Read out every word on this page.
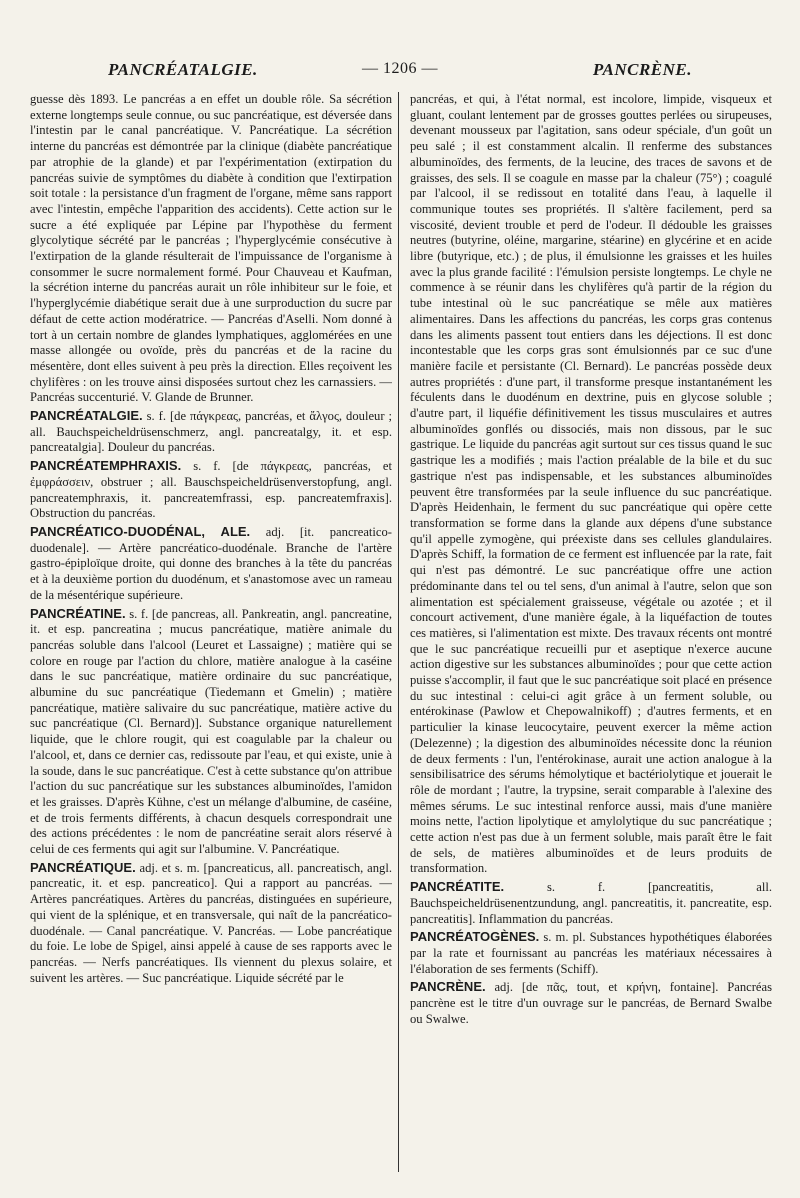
PANCRÉATALGIE.	— 1206 —	PANCRÈNE.

guesse dès 1893. Le pancréas a en effet un double rôle. Sa sécrétion externe longtemps seule connue, ou suc pancréatique, est déversée dans l'intestin par le canal pancréatique. V. Pancréatique. La sécrétion interne du pancréas est démontrée par la clinique (diabète pancréatique par atrophie de la glande) et par l'expérimentation (extirpation du pancréas suivie de symptômes du diabète à condition que l'extirpation soit totale : la persistance d'un fragment de l'organe, même sans rapport avec l'intestin, empêche l'apparition des accidents). Cette action sur le sucre a été expliquée par Lépine par l'hypothèse du ferment glycolytique sécrété par le pancréas ; l'hyperglycémie consécutive à l'extirpation de la glande résulterait de l'impuissance de l'organisme à consommer le sucre normalement formé. Pour Chauveau et Kaufman, la sécrétion interne du pancréas aurait un rôle inhibiteur sur le foie, et l'hyperglycémie diabétique serait due à une surproduction du sucre par défaut de cette action modératrice. — Pancréas d'Aselli. Nom donné à tort à un certain nombre de glandes lymphatiques, agglomérées en une masse allongée ou ovoïde, près du pancréas et de la racine du mésentère, dont elles suivent à peu près la direction. Elles reçoivent les chylifères : on les trouve ainsi disposées surtout chez les carnassiers. — Pancréas succenturié. V. Glande de Brunner.

PANCRÉATALGIE. s. f. [de πάγκρεας, pancréas, et ἄλγος, douleur ; all. Bauchspeicheldrüsenschmerz, angl. pancreatalgy, it. et esp. pancreatalgia]. Douleur du pancréas.

PANCRÉATEMPHRAXIS. s. f. [de πάγκρεας, pancréas, et ἐμφράσσειν, obstruer ; all. Bauschspeicheldrüsenverstopfung, angl. pancreatemphraxis, it. pancreatemfrassi, esp. pancreatemfraxis]. Obstruction du pancréas.

PANCRÉATICO-DUODÉNAL, ALE. adj. [it. pancreatico-duodenale]. — Artère pancréatico-duodénale. Branche de l'artère gastro-épiploïque droite, qui donne des branches à la tête du pancréas et à la deuxième portion du duodénum, et s'anastomose avec un rameau de la mésentérique supérieure.

PANCRÉATINE. s. f. [de pancreas, all. Pankreatin, angl. pancreatine, it. et esp. pancreatina ; mucus pancréatique, matière animale du pancréas soluble dans l'alcool (Leuret et Lassaigne) ; matière qui se colore en rouge par l'action du chlore, matière analogue à la caséine dans le suc pancréatique, matière ordinaire du suc pancréatique, albumine du suc pancréatique (Tiedemann et Gmelin) ; matière pancréatique, matière salivaire du suc pancréatique, matière active du suc pancréatique (Cl. Bernard)]. Substance organique naturellement liquide, que le chlore rougit, qui est coagulable par la chaleur ou l'alcool, et, dans ce dernier cas, redissoute par l'eau, et qui existe, unie à la soude, dans le suc pancréatique. C'est à cette substance qu'on attribue l'action du suc pancréatique sur les substances albuminoïdes, l'amidon et les graisses. D'après Kühne, c'est un mélange d'albumine, de caséine, et de trois ferments différents, à chacun desquels correspondrait une des actions précédentes : le nom de pancréatine serait alors réservé à celui de ces ferments qui agit sur l'albumine. V. Pancréatique.

PANCRÉATIQUE. adj. et s. m. [pancreaticus, all. pancreatisch, angl. pancreatic, it. et esp. pancreatico]. Qui a rapport au pancréas. — Artères pancréatiques. Artères du pancréas, distinguées en supérieure, qui vient de la splénique, et en transversale, qui naît de la pancréatico-duodénale. — Canal pancréatique. V. Pancréas. — Lobe pancréatique du foie. Le lobe de Spigel, ainsi appelé à cause de ses rapports avec le pancréas. — Nerfs pancréatiques. Ils viennent du plexus solaire, et suivent les artères. — Suc pancréatique. Liquide sécrété par le

pancréas, et qui, à l'état normal, est incolore, limpide, visqueux et gluant, coulant lentement par de grosses gouttes perlées ou sirupeuses, devenant mousseux par l'agitation, sans odeur spéciale, d'un goût un peu salé ; il est constamment alcalin. Il renferme des substances albuminoïdes, des ferments, de la leucine, des traces de savons et de graisses, des sels. Il se coagule en masse par la chaleur (75°) ; coagulé par l'alcool, il se redissout en totalité dans l'eau, à laquelle il communique toutes ses propriétés. Il s'altère facilement, perd sa viscosité, devient trouble et perd de l'odeur. Il dédouble les graisses neutres (butyrine, oléine, margarine, stéarine) en glycérine et en acide libre (butyrique, etc.) ; de plus, il émulsionne les graisses et les huiles avec la plus grande facilité : l'émulsion persiste longtemps. Le chyle ne commence à se réunir dans les chylifères qu'à partir de la région du tube intestinal où le suc pancréatique se mêle aux matières alimentaires. Dans les affections du pancréas, les corps gras contenus dans les aliments passent tout entiers dans les déjections. Il est donc incontestable que les corps gras sont émulsionnés par ce suc d'une manière facile et persistante (Cl. Bernard). Le pancréas possède deux autres propriétés : d'une part, il transforme presque instantanément les féculents dans le duodénum en dextrine, puis en glycose soluble ; d'autre part, il liquéfie définitivement les tissus musculaires et autres albuminoïdes gonflés ou dissociés, mais non dissous, par le suc gastrique. Le liquide du pancréas agit surtout sur ces tissus quand le suc gastrique les a modifiés ; mais l'action préalable de la bile et du suc gastrique n'est pas indispensable, et les substances albuminoïdes peuvent être transformées par la seule influence du suc pancréatique. D'après Heidenhain, le ferment du suc pancréatique qui opère cette transformation se forme dans la glande aux dépens d'une substance qu'il appelle zymogène, qui préexiste dans ses cellules glandulaires. D'après Schiff, la formation de ce ferment est influencée par la rate, fait qui n'est pas démontré. Le suc pancréatique offre une action prédominante dans tel ou tel sens, d'un animal à l'autre, selon que son alimentation est spécialement graisseuse, végétale ou azotée ; et il concourt activement, d'une manière égale, à la liquéfaction de toutes ces matières, si l'alimentation est mixte. Des travaux récents ont montré que le suc pancréatique recueilli pur et aseptique n'exerce aucune action digestive sur les substances albuminoïdes ; pour que cette action puisse s'accomplir, il faut que le suc pancréatique soit placé en présence du suc intestinal : celui-ci agit grâce à un ferment soluble, ou entérokinase (Pawlow et Chepowalnikoff) ; d'autres ferments, et en particulier la kinase leucocytaire, peuvent exercer la même action (Delezenne) ; la digestion des albuminoïdes nécessite donc la réunion de deux ferments : l'un, l'entérokinase, aurait une action analogue à la sensibilisatrice des sérums hémolytique et bactériolytique et jouerait le rôle de mordant ; l'autre, la trypsine, serait comparable à l'alexine des mêmes sérums. Le suc intestinal renforce aussi, mais d'une manière moins nette, l'action lipolytique et amylolytique du suc pancréatique ; cette action n'est pas due à un ferment soluble, mais paraît être le fait de sels, de matières albuminoïdes et de leurs produits de transformation.

PANCRÉATITE.	s. f. [pancreatitis, all. Bauchspeicheldrüsenentzundung, angl. pancreatitis, it. pancreatite, esp. pancreatitis]. Inflammation du pancréas.

PANCRÉATOGÈNES. s. m. pl. Substances hypothétiques élaborées par la rate et fournissant au pancréas les matériaux nécessaires à l'élaboration de ses ferments (Schiff).

PANCRÈNE. adj. [de πᾶς, tout, et κρήνη, fontaine]. Pancréas pancrène est le titre d'un ouvrage sur le pancréas, de Bernard Swalbe ou Swalwe.
